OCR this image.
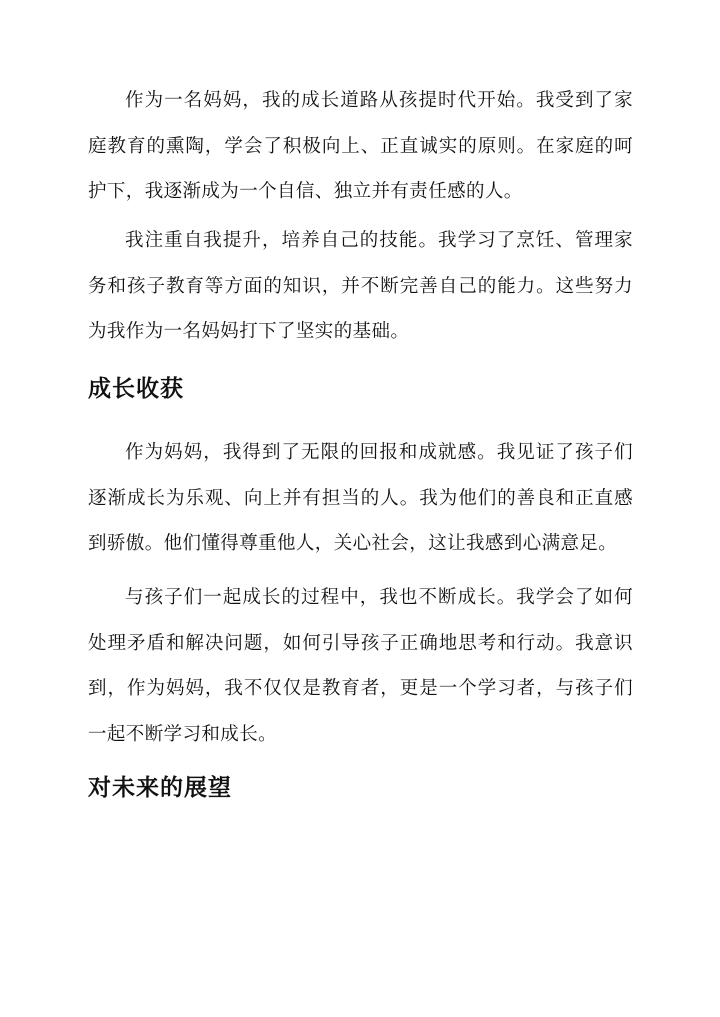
作为一名妈妈，我的成长道路从孩提时代开始。我受到了家庭教育的熏陶，学会了积极向上、正直诚实的原则。在家庭的呵护下，我逐渐成为一个自信、独立并有责任感的人。

我注重自我提升，培养自己的技能。我学习了烹饪、管理家务和孩子教育等方面的知识，并不断完善自己的能力。这些努力为我作为一名妈妈打下了坚实的基础。

成长收获

作为妈妈，我得到了无限的回报和成就感。我见证了孩子们逐渐成长为乐观、向上并有担当的人。我为他们的善良和正直感到骄傲。他们懂得尊重他人，关心社会，这让我感到心满意足。

与孩子们一起成长的过程中，我也不断成长。我学会了如何处理矛盾和解决问题，如何引导孩子正确地思考和行动。我意识到，作为妈妈，我不仅仅是教育者，更是一个学习者，与孩子们一起不断学习和成长。

对未来的展望
